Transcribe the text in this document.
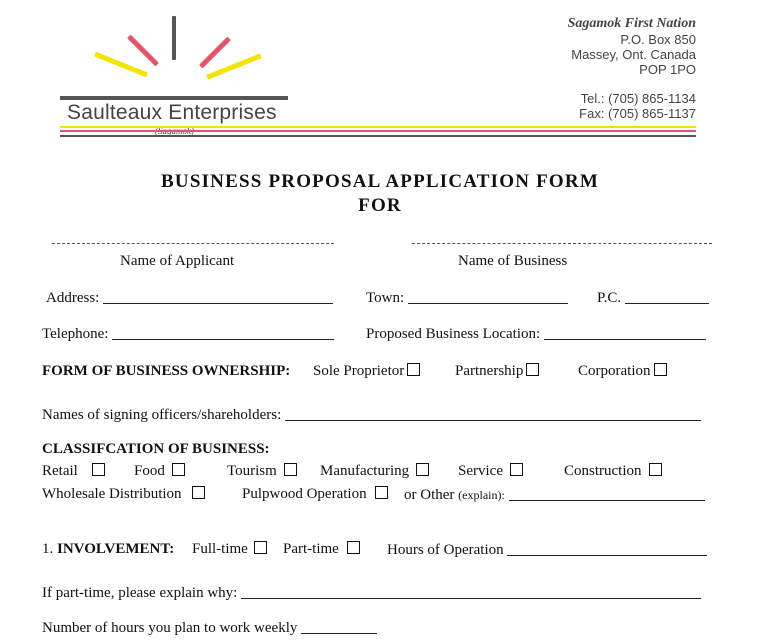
Saulteaux Enterprises
Sagamok First Nation
P.O. Box 850
Massey, Ont. Canada
POP 1PO
Tel.: (705) 865-1134
Fax: (705) 865-1137
BUSINESS PROPOSAL APPLICATION FORM
FOR
Name of Applicant	Name of Business
Address:	Town:	P.C.
Telephone:	Proposed Business Location:
FORM OF BUSINESS OWNERSHIP: Sole Proprietor	Partnership	Corporation
Names of signing officers/shareholders:
CLASSIFCATION OF BUSINESS:
Retail	Food	Tourism	Manufacturing	Service	Construction
Wholesale Distribution	Pulpwood Operation	or Other (explain):
1. INVOLVEMENT: Full-time	Part-time	Hours of Operation
If part-time, please explain why:
Number of hours you plan to work weekly
